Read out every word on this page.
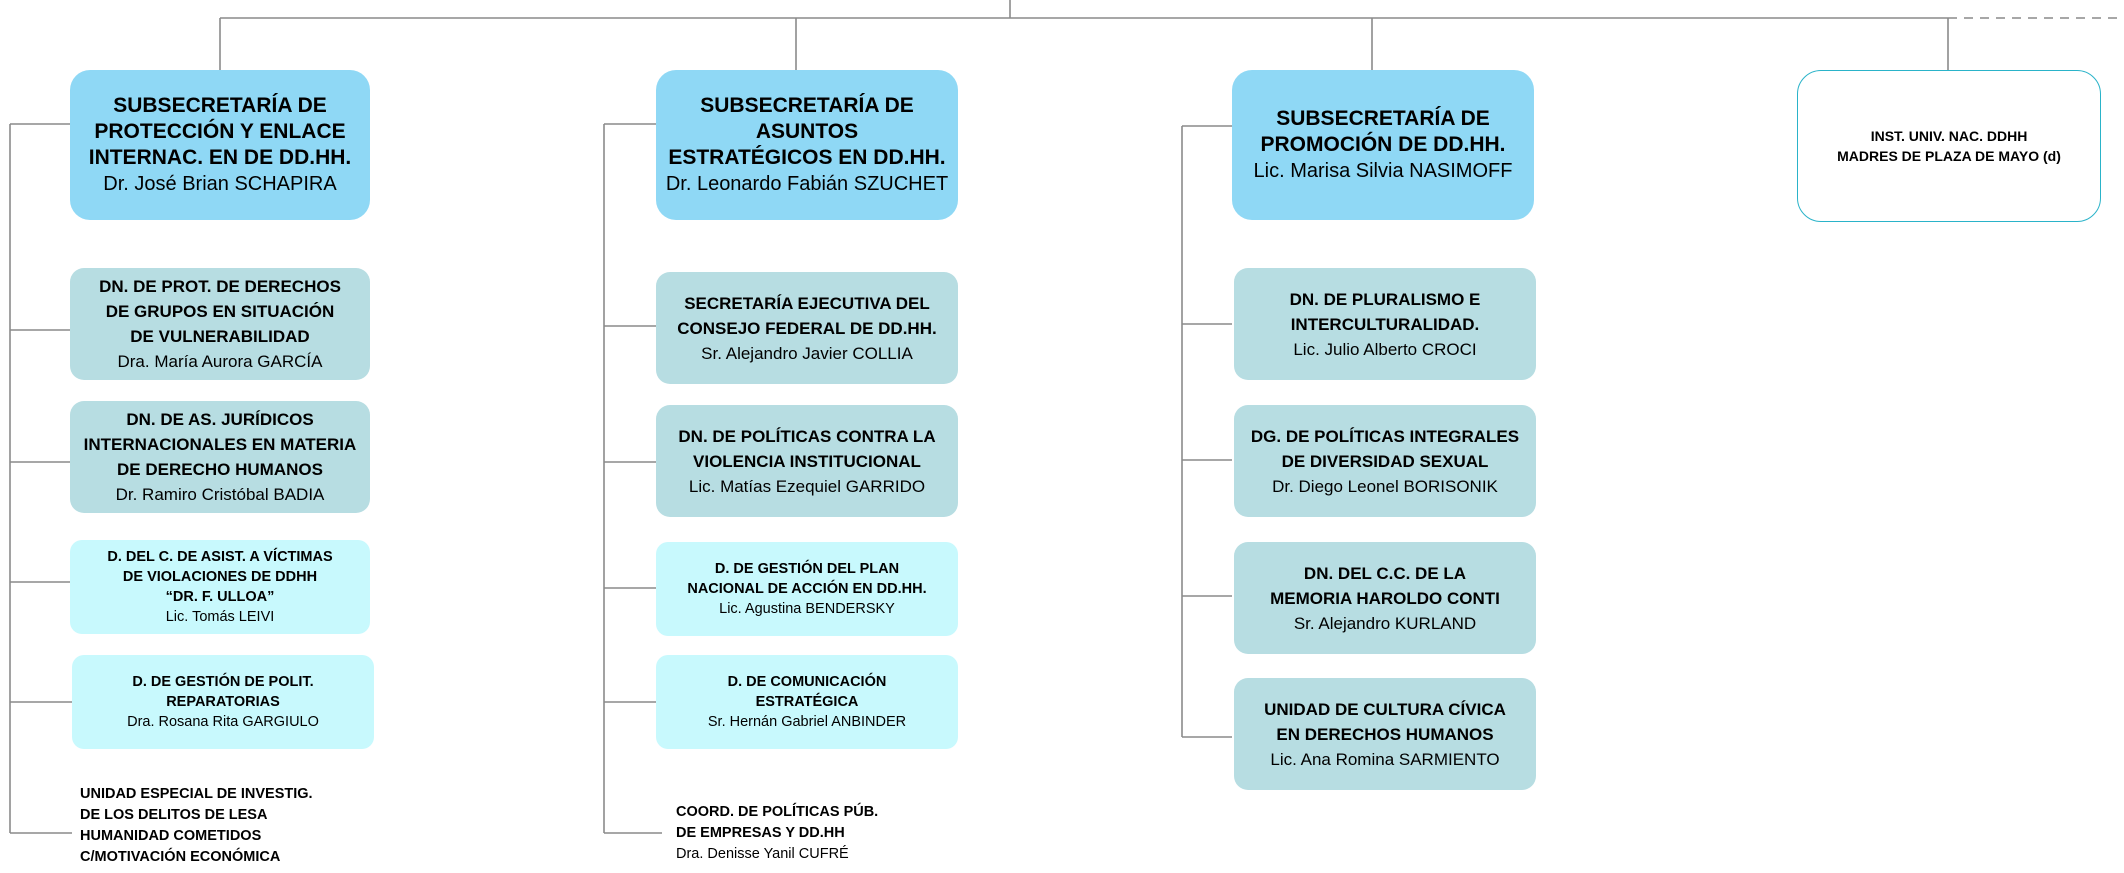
SUBSECRETARÍA DE
PROTECCIÓN Y ENLACE
INTERNAC. EN DE DD.HH.
Dr. José Brian SCHAPIRA
SUBSECRETARÍA DE ASUNTOS
ESTRATÉGICOS EN DD.HH.
Dr. Leonardo Fabián SZUCHET
SUBSECRETARÍA DE
PROMOCIÓN DE DD.HH.
Lic. Marisa Silvia NASIMOFF
INST. UNIV. NAC. DDHH
MADRES DE PLAZA DE MAYO (d)
DN. DE PROT. DE DERECHOS
DE GRUPOS EN SITUACIÓN
DE VULNERABILIDAD
Dra. María Aurora GARCÍA
DN. DE AS. JURÍDICOS
INTERNACIONALES EN MATERIA
DE DERECHO HUMANOS
Dr. Ramiro Cristóbal BADIA
D. DEL C. DE ASIST. A VÍCTIMAS
DE VIOLACIONES DE DDHH
“DR. F. ULLOA”
Lic. Tomás LEIVI
D. DE GESTIÓN DE POLIT.
REPARATORIAS
Dra. Rosana Rita GARGIULO
UNIDAD ESPECIAL DE INVESTIG.
DE LOS DELITOS DE LESA
HUMANIDAD COMETIDOS
C/MOTIVACIÓN ECONÓMICA
SECRETARÍA EJECUTIVA DEL
CONSEJO FEDERAL DE DD.HH.
Sr. Alejandro Javier COLLIA
DN. DE POLÍTICAS CONTRA LA
VIOLENCIA INSTITUCIONAL
Lic. Matías Ezequiel GARRIDO
D. DE GESTIÓN DEL PLAN
NACIONAL DE ACCIÓN EN DD.HH.
Lic. Agustina BENDERSKY
D. DE COMUNICACIÓN
ESTRATÉGICA
Sr. Hernán Gabriel ANBINDER
COORD. DE POLÍTICAS PÚB.
DE EMPRESAS Y DD.HH
Dra. Denisse Yanil CUFRÉ
DN. DE PLURALISMO E
INTERCULTURALIDAD.
Lic. Julio Alberto CROCI
DG. DE POLÍTICAS INTEGRALES
DE DIVERSIDAD SEXUAL
Dr. Diego Leonel BORISONIK
DN. DEL C.C. DE LA
MEMORIA HAROLDO CONTI
Sr. Alejandro KURLAND
UNIDAD DE CULTURA CÍVICA
EN DERECHOS HUMANOS
Lic. Ana Romina SARMIENTO
